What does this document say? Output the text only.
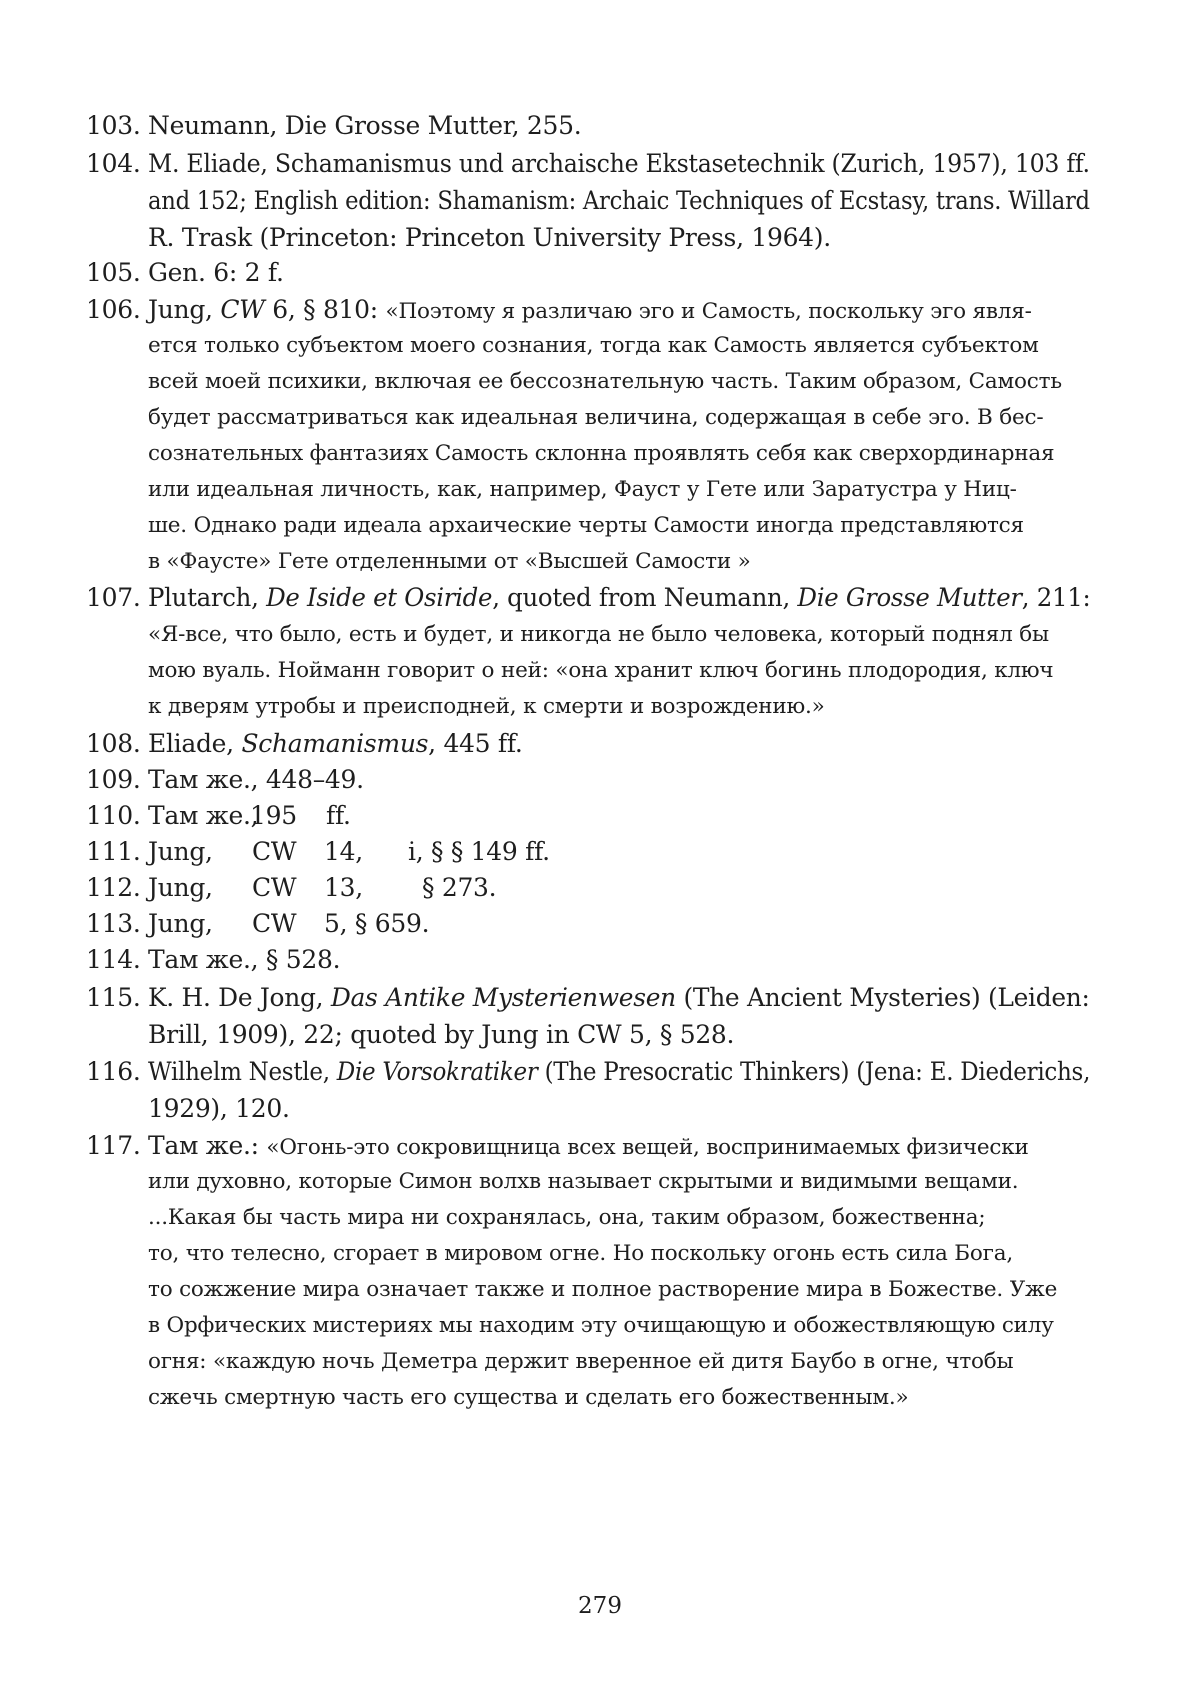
103. Neumann, Die Grosse Mutter, 255.
104. M. Eliade, Schamanismus und archaische Ekstasetechnik (Zurich, 1957), 103 ff.
and 152; English edition: Shamanism: Archaic Techniques of Ecstasy, trans. Willard
R. Trask (Princeton: Princeton University Press, 1964).
105. Gen. 6: 2 f.
106. Jung, CW 6, § 810: «Поэтому я различаю эго и Самость, поскольку эго явля-
ется только субъектом моего сознания, тогда как Самость является субъектом
всей моей психики, включая ее бессознательную часть. Таким образом, Самость
будет рассматриваться как идеальная величина, содержащая в себе эго. В бес-
сознательных фантазиях Самость склонна проявлять себя как сверхординарная
или идеальная личность, как, например, Фауст у Гете или Заратустра у Ниц-
ше. Однако ради идеала архаические черты Самости иногда представляются
в «Фаусте» Гете отделенными от «Высшей Самости »
107. Plutarch, De Iside et Osiride, quoted from Neumann, Die Grosse Mutter, 211:
«Я-все, что было, есть и будет, и никогда не было человека, который поднял бы
мою вуаль. Нойманн говорит о ней: «она хранит ключ богинь плодородия, ключ
к дверям утробы и преисподней, к смерти и возрождению.»
108. Eliade, Schamanismus, 445 ff.
109. Там же., 448–49.
110. Там же.,
195 ff.
111. Jung, CW 14, i, § § 149 ff.
112. Jung, CW 13, § 273.
113. Jung, CW 5, § 659.
114. Там же., § 528.
115. K. H. De Jong, Das Antike Mysterienwesen (The Ancient Mysteries) (Leiden:
Brill, 1909), 22; quoted by Jung in CW 5, § 528.
116. Wilhelm Nestle, Die Vorsokratiker (The Presocratic Thinkers) (Jena: E. Diederichs,
1929), 120.
117. Там же.: «Огонь-это сокровищница всех вещей, воспринимаемых физически
или духовно, которые Симон волхв называет скрытыми и видимыми вещами.
...Какая бы часть мира ни сохранялась, она, таким образом, божественна;
то, что телесно, сгорает в мировом огне. Но поскольку огонь есть сила Бога,
то сожжение мира означает также и полное растворение мира в Божестве. Уже
в Орфических мистериях мы находим эту очищающую и обожествляющую силу
огня: «каждую ночь Деметра держит вверенное ей дитя Баубо в огне, чтобы
сжечь смертную часть его существа и сделать его божественным.»
279
